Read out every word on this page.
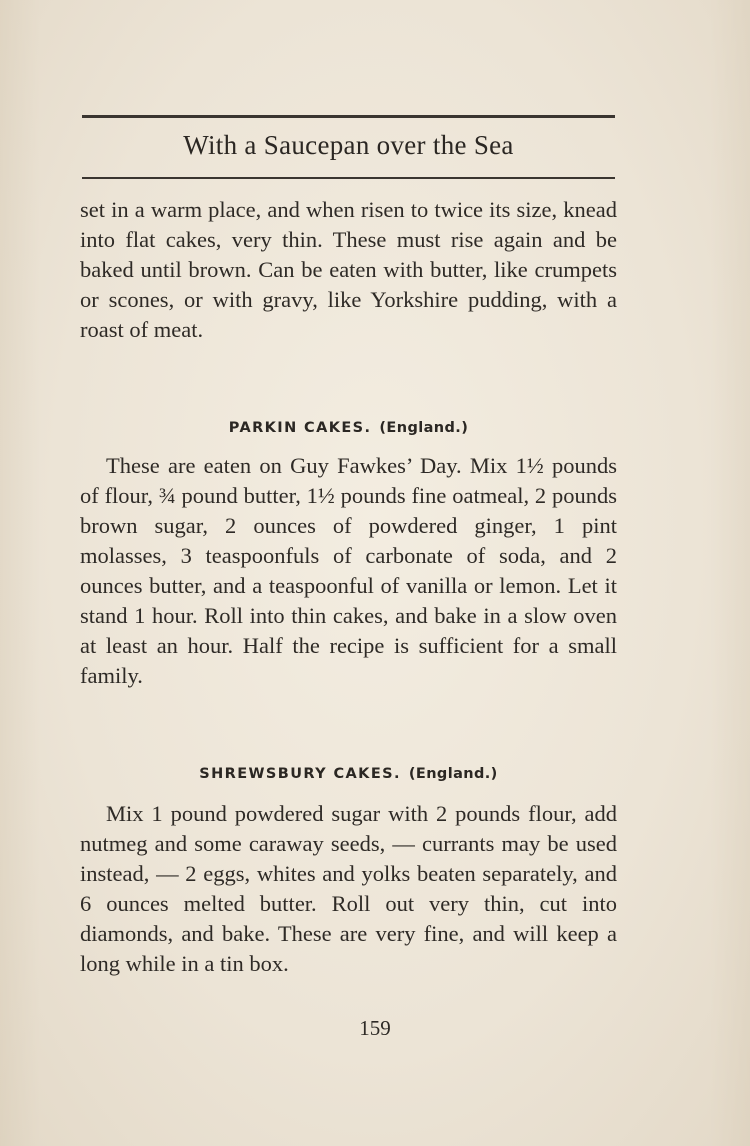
With a Saucepan over the Sea

set in a warm place, and when risen to twice its size, knead into flat cakes, very thin. These must rise again and be baked until brown. Can be eaten with butter, like crumpets or scones, or with gravy, like Yorkshire pudding, with a roast of meat.

PARKIN CAKES. (England.)

These are eaten on Guy Fawkes’ Day. Mix 1½ pounds of flour, ¾ pound butter, 1½ pounds fine oatmeal, 2 pounds brown sugar, 2 ounces of powdered ginger, 1 pint molasses, 3 teaspoonfuls of carbonate of soda, and 2 ounces butter, and a teaspoonful of vanilla or lemon. Let it stand 1 hour. Roll into thin cakes, and bake in a slow oven at least an hour. Half the recipe is sufficient for a small family.

SHREWSBURY CAKES. (England.)

Mix 1 pound powdered sugar with 2 pounds flour, add nutmeg and some caraway seeds, — currants may be used instead, — 2 eggs, whites and yolks beaten separately, and 6 ounces melted butter. Roll out very thin, cut into diamonds, and bake. These are very fine, and will keep a long while in a tin box.

159
